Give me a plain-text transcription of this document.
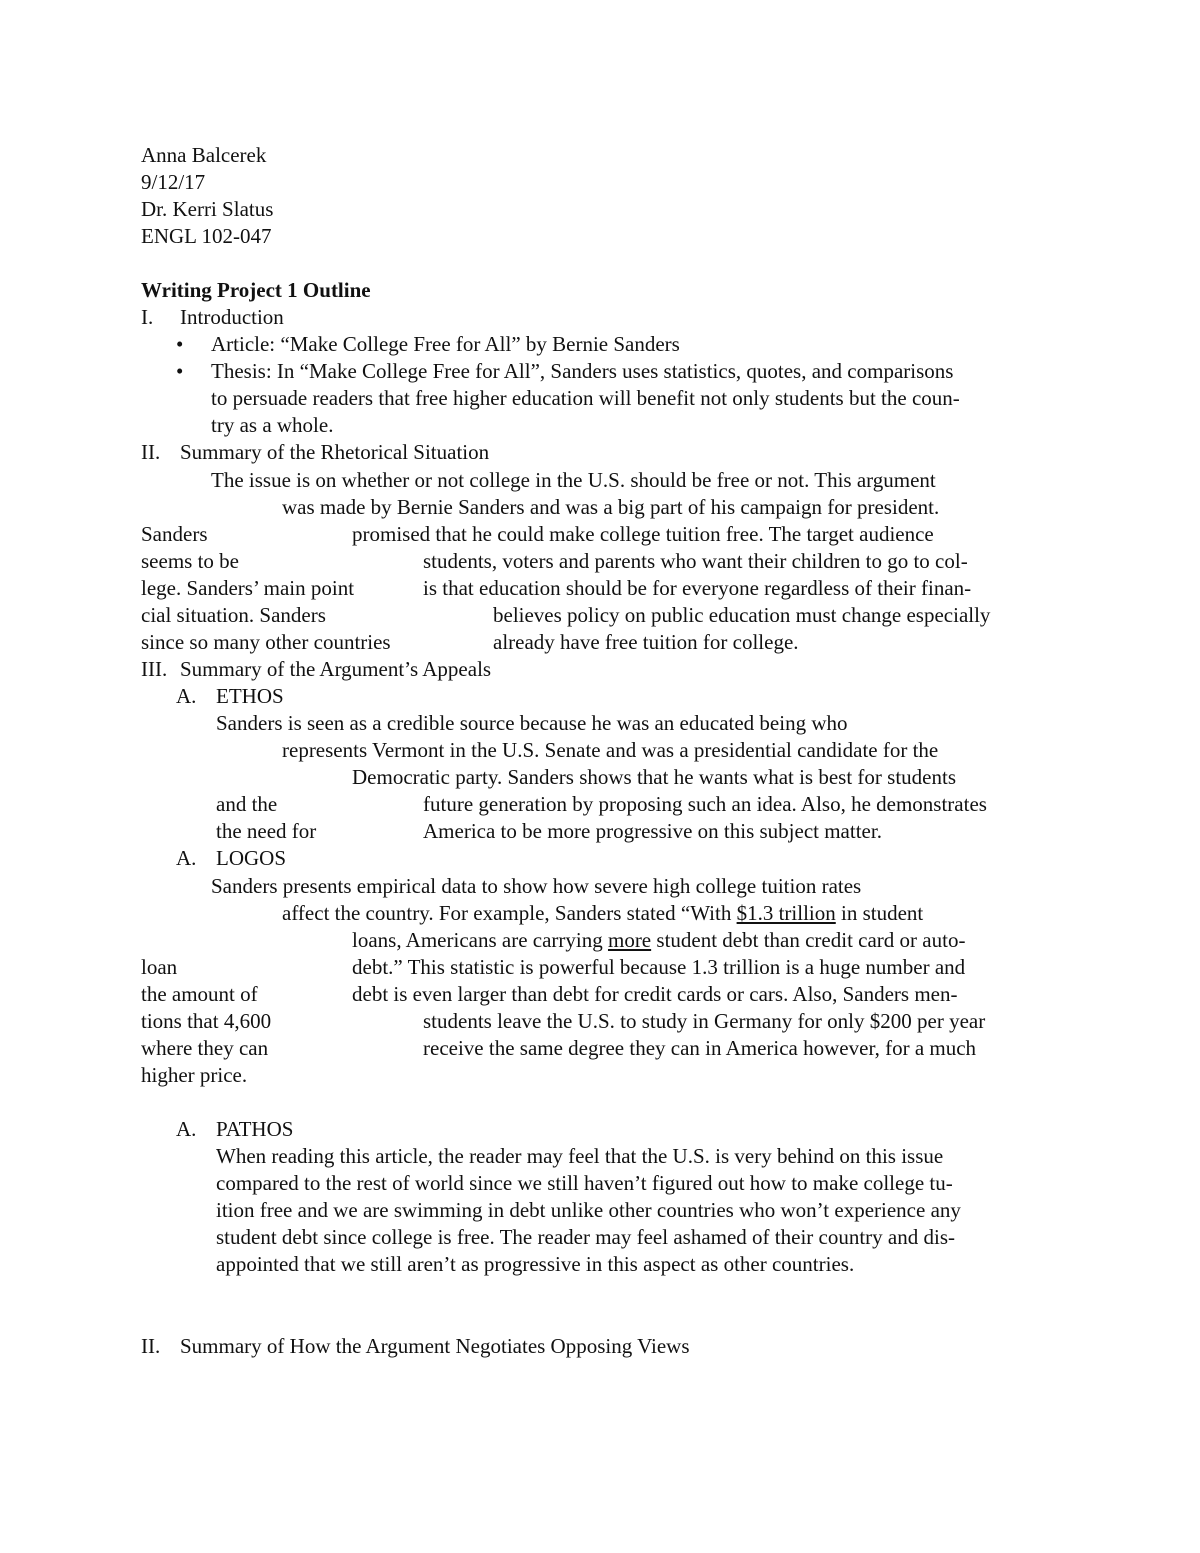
Anna Balcerek
9/12/17
Dr. Kerri Slatus
ENGL 102-047
Writing Project 1 Outline
I. Introduction
• Article: “Make College Free for All” by Bernie Sanders
• Thesis: In “Make College Free for All”, Sanders uses statistics, quotes, and comparisons
to persuade readers that free higher education will benefit not only students but the coun-
try as a whole.
II. Summary of the Rhetorical Situation
The issue is on whether or not college in the U.S. should be free or not. This argument
was made by Bernie Sanders and was a big part of his campaign for president.
Sanders	promised that he could make college tuition free. The target audience
seems to be	students, voters and parents who want their children to go to col-
lege. Sanders’ main point	is that education should be for everyone regardless of their finan-
cial situation. Sanders	believes policy on public education must change especially
since so many other countries	already have free tuition for college.
III. Summary of the Argument’s Appeals
A. ETHOS
Sanders is seen as a credible source because he was an educated being who
represents Vermont in the U.S. Senate and was a presidential candidate for the
Democratic party. Sanders shows that he wants what is best for students
and the	future generation by proposing such an idea. Also, he demonstrates
the need for	America to be more progressive on this subject matter.
A. LOGOS
Sanders presents empirical data to show how severe high college tuition rates
affect the country. For example, Sanders stated “With $1.3 trillion in student
loans, Americans are carrying more student debt than credit card or auto-
loan	debt.” This statistic is powerful because 1.3 trillion is a huge number and
the amount of	debt is even larger than debt for credit cards or cars. Also, Sanders men-
tions that 4,600	students leave the U.S. to study in Germany for only $200 per year
where they can	receive the same degree they can in America however, for a much
higher price.
A. PATHOS
When reading this article, the reader may feel that the U.S. is very behind on this issue
compared to the rest of world since we still haven’t figured out how to make college tu-
ition free and we are swimming in debt unlike other countries who won’t experience any
student debt since college is free. The reader may feel ashamed of their country and dis-
appointed that we still aren’t as progressive in this aspect as other countries.
II. Summary of How the Argument Negotiates Opposing Views
